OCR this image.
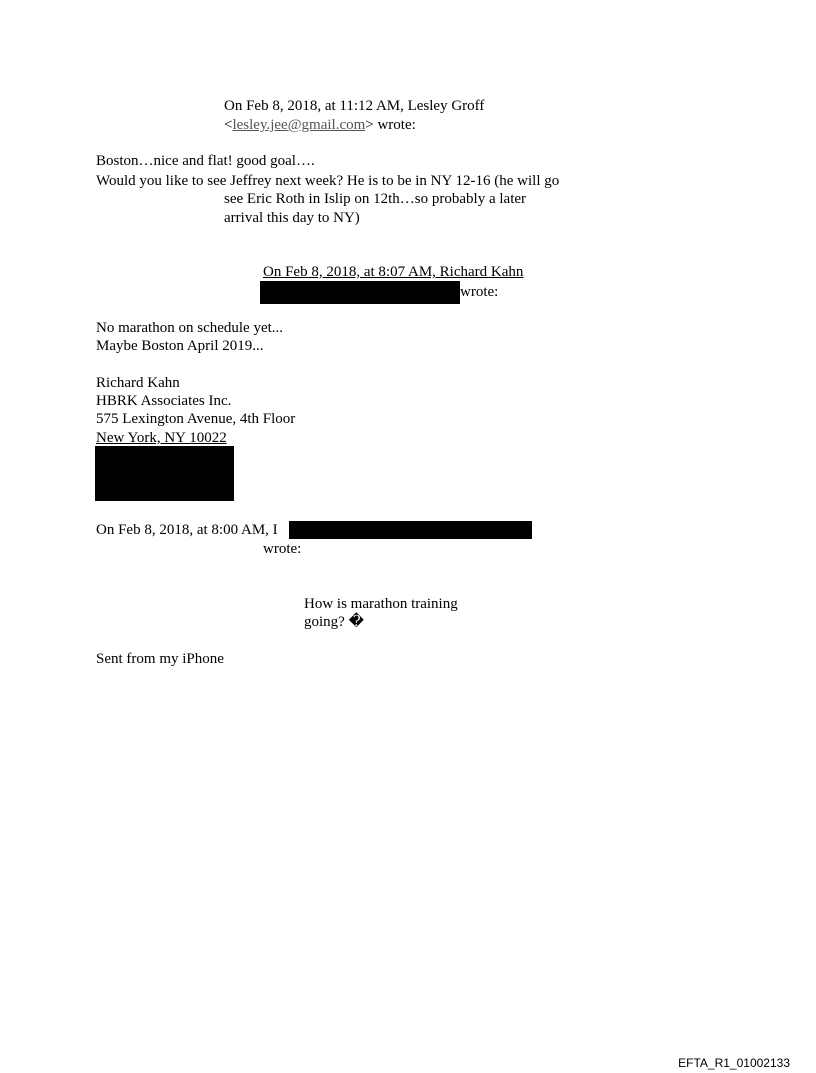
On Feb 8, 2018, at 11:12 AM, Lesley Groff
<lesley.jee@gmail.com> wrote:
Boston…nice and flat! good goal….
Would you like to see Jeffrey next week? He is to be in NY 12-16 (he will go
see Eric Roth in Islip on 12th…so probably a later
arrival this day to NY)
On Feb 8, 2018, at 8:07 AM, Richard Kahn
wrote:
No marathon on schedule yet...
Maybe Boston April 2019...
Richard Kahn
HBRK Associates Inc.
575 Lexington Avenue, 4th Floor
New York, NY 10022
On Feb 8, 2018, at 8:00 AM, I
wrote:
How is marathon training
going? �
Sent from my iPhone
EFTA_R1_01002133
